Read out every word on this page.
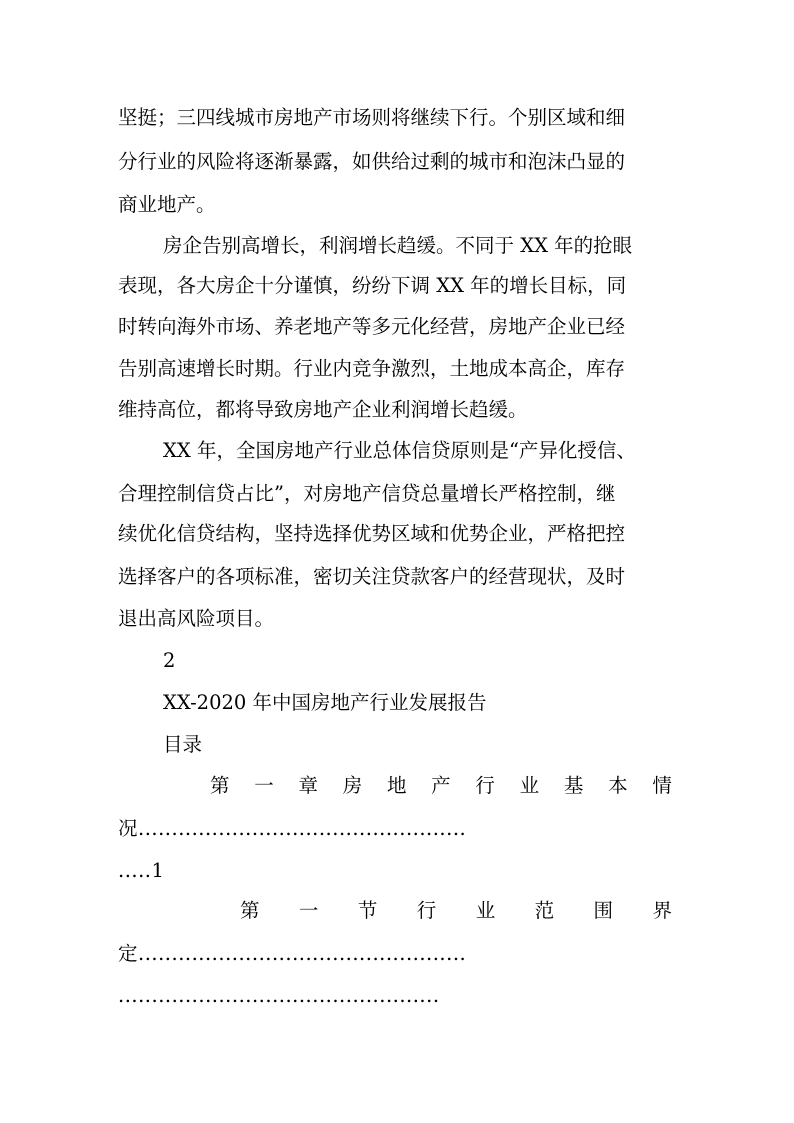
坚挺；三四线城市房地产市场则将继续下行。个别区域和细
分行业的风险将逐渐暴露，如供给过剩的城市和泡沫凸显的
商业地产。
房企告别高增长，利润增长趋缓。不同于 XX 年的抢眼
表现，各大房企十分谨慎，纷纷下调 XX 年的增长目标，同
时转向海外市场、养老地产等多元化经营，房地产企业已经
告别高速增长时期。行业内竞争激烈，土地成本高企，库存
维持高位，都将导致房地产企业利润增长趋缓。
XX 年，全国房地产行业总体信贷原则是“产异化授信、
合理控制信贷占比”，对房地产信贷总量增长严格控制，继
续优化信贷结构，坚持选择优势区域和优势企业，严格把控
选择客户的各项标准，密切关注贷款客户的经营现状，及时
退出高风险项目。
2
XX-2020 年中国房地产行业发展报告
目录
第 一 章 房 地 产 行 业 基 本 情
况.................................................
.....1
第 一 节 行 业 范 围 界
定.................................................
................................................
